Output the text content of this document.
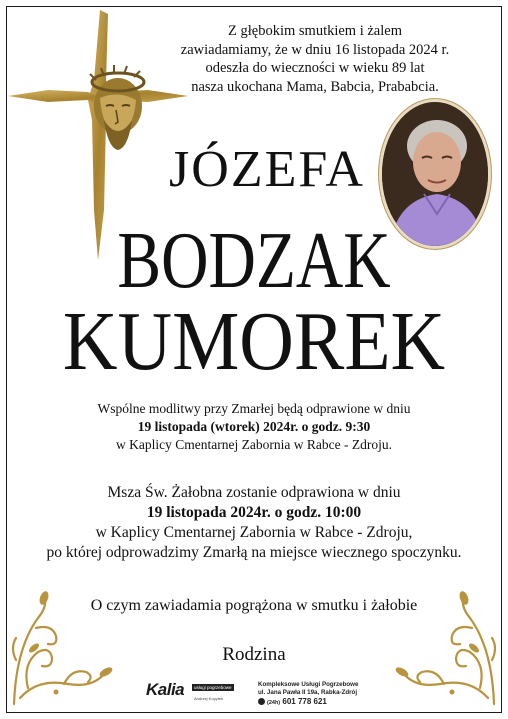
Z głębokim smutkiem i żalem
zawiadamiamy, że w dniu 16 listopada 2024 r.
odeszła do wieczności w wieku 89 lat
nasza ukochana Mama, Babcia, Prababcia.
JÓZEFA
BODZAK
KUMOREK
Wspólne modlitwy przy Zmarłej będą odprawione w dniu
19 listopada (wtorek) 2024r. o godz. 9:30
w Kaplicy Cmentarnej Zabornia w Rabce - Zdroju.
Msza Św. Żałobna zostanie odprawiona w dniu
19 listopada 2024r. o godz. 10:00
w Kaplicy Cmentarnej Zabornia w Rabce - Zdroju,
po której odprowadzimy Zmarłą na miejsce wiecznego spoczynku.
O czym zawiadamia pogrążona w smutku i żałobie
Rodzina
Kalia	usługi pogrzebowe
Andrzej Kopytek
Kompleksowe Usługi Pogrzebowe
ul. Jana Pawła II 19a, Rabka-Zdrój
(24h) 601 778 621
